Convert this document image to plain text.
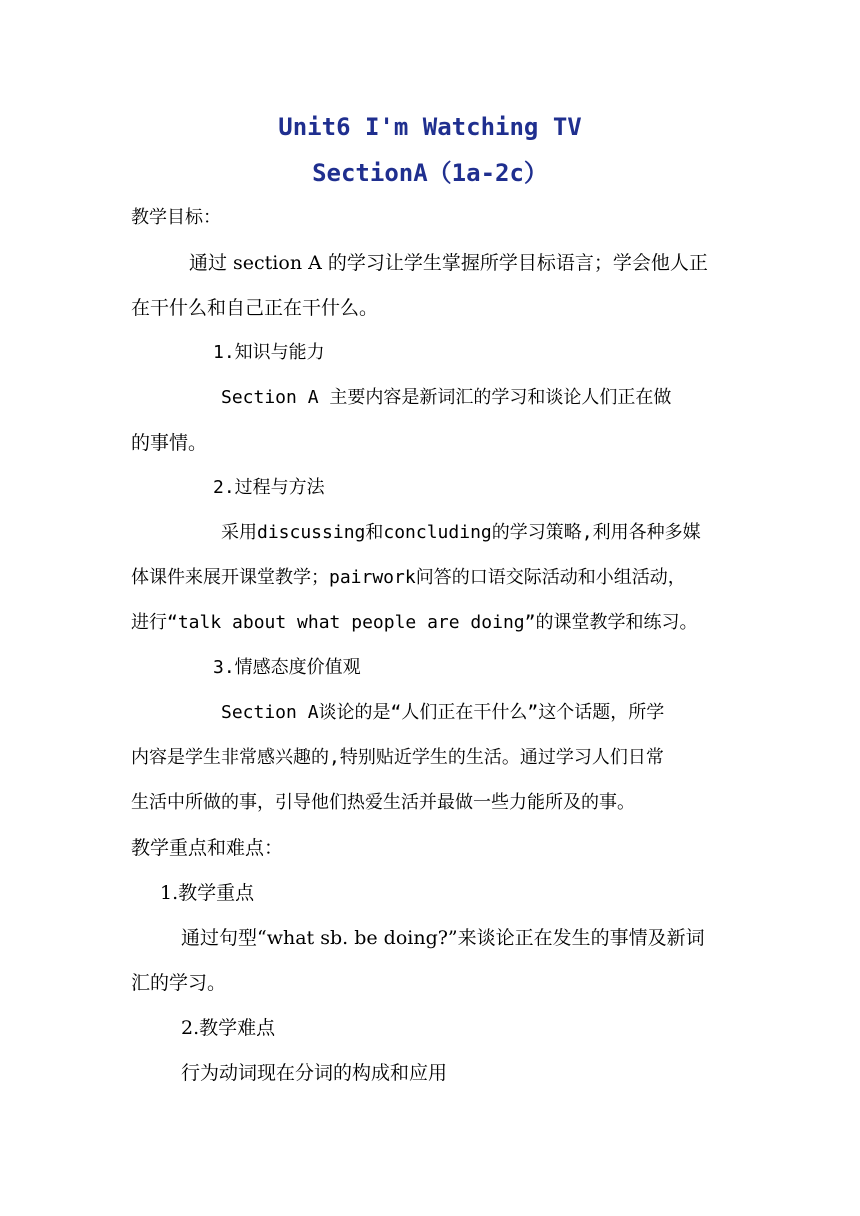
Unit6 I'm Watching TV
SectionA（1a-2c）
教学目标：
通过 section A 的学习让学生掌握所学目标语言；学会他人正
在干什么和自己正在干什么。
1.知识与能力
Section A 主要内容是新词汇的学习和谈论人们正在做
的事情。
2.过程与方法
采用discussing和concluding的学习策略,利用各种多媒
体课件来展开课堂教学；pairwork问答的口语交际活动和小组活动，
进行“talk about what people are doing”的课堂教学和练习。
3.情感态度价值观
Section A谈论的是“人们正在干什么”这个话题，所学
内容是学生非常感兴趣的,特别贴近学生的生活。通过学习人们日常
生活中所做的事，引导他们热爱生活并最做一些力能所及的事。
教学重点和难点：
1.教学重点
通过句型“what sb. be doing?”来谈论正在发生的事情及新词
汇的学习。
2.教学难点
行为动词现在分词的构成和应用
